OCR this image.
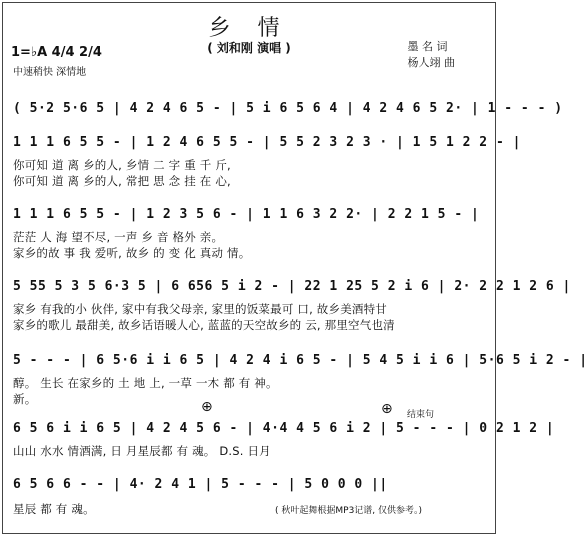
乡 情
( 刘和刚 演唱 )
1=♭A 4/4 2/4
中速稍快 深情地
墨 名 词
杨人翊 曲
( 5·2 5·6 5 | 4 2 4 6 5 - | 5 i 6 5 6 4 | 4 2 4 6 5 2· | 1 - - - )
1 1 1 6 5 5 - | 1 2 4 6 5 5 - | 5 5 2 3 2 3 · | 1 5 1 2 2 - |
你可知 道 离 乡的人, 乡情 二 字 重 千 斤,
你可知 道 离 乡的人, 常把 思 念 挂 在 心,
1 1 1 6 5 5 - | 1 2 3 5 6 - | 1 1 6 3 2 2· | 2 2 1 5 - |
茫茫 人 海 望不尽, 一声 乡 音 格外 亲。
家乡的故 事 我 爱听, 故乡 的 变 化 真动 情。
5 55 5 3 5 6·3 5 | 6 656 5 i 2 - | 22 1 25 5 2 i 6 | 2· 2 2 1 2 6 |
家乡 有我的小 伙伴, 家中有我父母亲, 家里的饭菜最可 口, 故乡美酒特甘
家乡的歌儿 最甜美, 故乡话语暖人心, 蓝蓝的天空故乡的 云, 那里空气也清
5 - - - | 6 5·6 i i 6 5 | 4 2 4 i 6 5 - | 5 4 5 i i 6 | 5·6 5 i 2 - |
醇。 生长 在家乡的 土 地 上, 一草 一木 都 有 神。
新。	⊕	⊕ 结束句
6 5 6 i i 6 5 | 4 2 4 5 6 - | 4·4 4 5 6 i 2 | 5 - - - | 0 2 1 2 |
山山 水水 情酒满, 日 月星辰都 有 魂。 D.S. 日月
6 5 6 6 - - | 4· 2 4 1 | 5 - - - | 5 0 0 0 ||
星辰 都 有 魂。	( 秋叶起舞根据MP3记谱, 仅供参考。)
